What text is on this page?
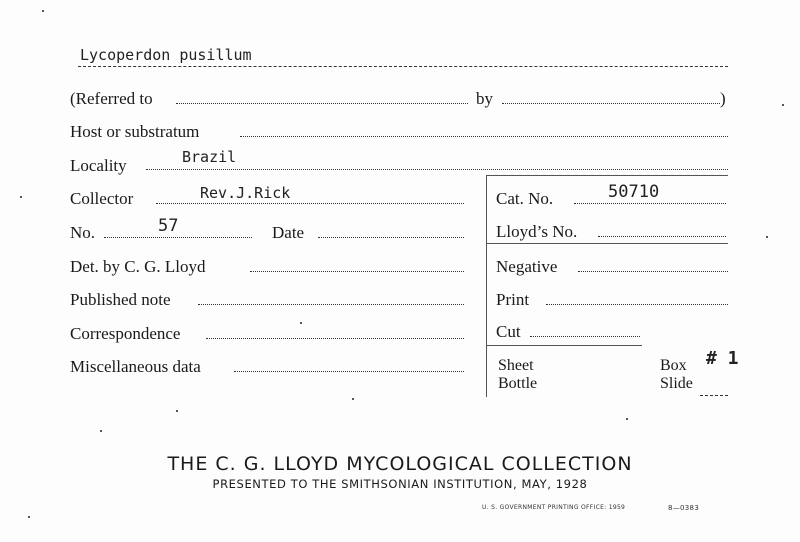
Lycoperdon pusillum
(Referred to	by	)
Host or substratum
Locality	Brazil
Collector	Rev.J.Rick
No.	57	Date
Det. by C. G. Lloyd
Published note
Correspondence
Miscellaneous data
Cat. No.	50710
Lloyd’s No.
Negative
Print
Cut
Sheet
Bottle
Box # 1
Slide
THE C. G. LLOYD MYCOLOGICAL COLLECTION
PRESENTED TO THE SMITHSONIAN INSTITUTION, MAY, 1928
U. S. GOVERNMENT PRINTING OFFICE: 1959	8—0383
